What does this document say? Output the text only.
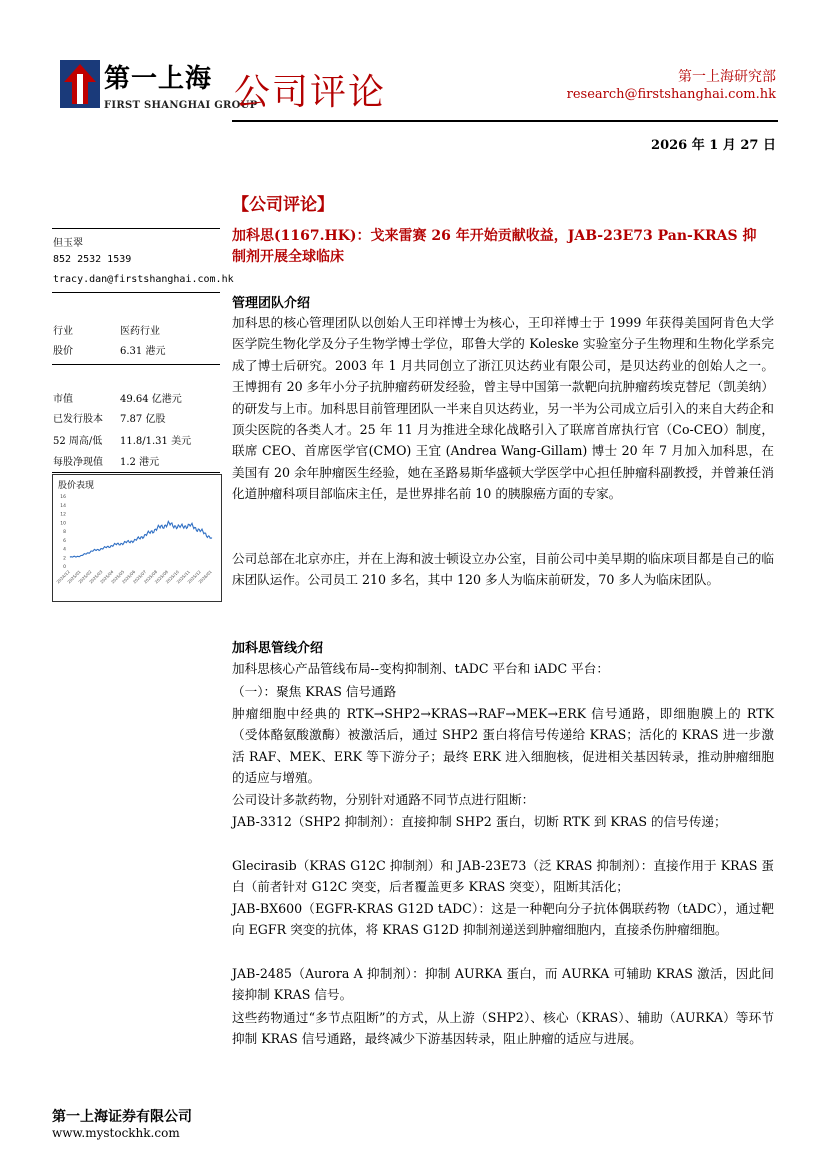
第一上海
FIRST SHANGHAI GROUP
公司评论	第一上海研究部
research@firstshanghai.com.hk
2026 年 1 月 27 日
但玉翠
852 2532 1539
tracy.dan@firstshanghai.com.hk
行业	医药行业
股价	6.31 港元
市值	49.64 亿港元
已发行股本 7.87 亿股
52 周高/低 11.8/1.31 美元
每股净现值 1.2 港元
股价表现
16
14
12
10
8
6
4
2
0
2024/12
2025/01
2025/02
2025/03
2025/04
2025/05
2025/06
2025/07
2025/08
2025/09
2025/10
2025/11
2025/12
2026/01
【公司评论】
加科思(1167.HK)：戈来雷赛 26 年开始贡献收益，JAB-23E73 Pan-KRAS 抑制剂开展全球临床
管理团队介绍
加科思的核心管理团队以创始人王印祥博士为核心，王印祥博士于 1999 年获得美国阿肯色大学医学院生物化学及分子生物学博士学位，耶鲁大学的 Koleske 实验室分子生物理和生物化学系完成了博士后研究。2003 年 1 月共同创立了浙江贝达药业有限公司，是贝达药业的创始人之一。王博拥有 20 多年小分子抗肿瘤药研发经验，曾主导中国第一款靶向抗肿瘤药埃克替尼（凯美纳）的研发与上市。加科思目前管理团队一半来自贝达药业，另一半为公司成立后引入的来自大药企和顶尖医院的各类人才。25 年 11 月为推进全球化战略引入了联席首席执行官（Co-CEO）制度，联席 CEO、首席医学官(CMO) 王宜 (Andrea Wang-Gillam) 博士 20 年 7 月加入加科思，在美国有 20 余年肿瘤医生经验，她在圣路易斯华盛顿大学医学中心担任肿瘤科副教授，并曾兼任消化道肿瘤科项目部临床主任，是世界排名前 10 的胰腺癌方面的专家。
公司总部在北京亦庄，并在上海和波士顿设立办公室，目前公司中美早期的临床项目都是自己的临床团队运作。公司员工 210 多名，其中 120 多人为临床前研发，70 多人为临床团队。
加科思管线介绍
加科思核心产品管线布局--变构抑制剂、tADC 平台和 iADC 平台：
（一）：聚焦 KRAS 信号通路
肿瘤细胞中经典的 RTK→SHP2→KRAS→RAF→MEK→ERK 信号通路，即细胞膜上的 RTK（受体酪氨酸激酶）被激活后，通过 SHP2 蛋白将信号传递给 KRAS；活化的 KRAS 进一步激活 RAF、MEK、ERK 等下游分子；最终 ERK 进入细胞核，促进相关基因转录，推动肿瘤细胞的适应与增殖。
公司设计多款药物，分别针对通路不同节点进行阻断：
JAB-3312（SHP2 抑制剂）：直接抑制 SHP2 蛋白，切断 RTK 到 KRAS 的信号传递；
Glecirasib（KRAS G12C 抑制剂）和 JAB-23E73（泛 KRAS 抑制剂）：直接作用于 KRAS 蛋白（前者针对 G12C 突变，后者覆盖更多 KRAS 突变），阻断其活化；
JAB-BX600（EGFR-KRAS G12D tADC）：这是一种靶向分子抗体偶联药物（tADC），通过靶向 EGFR 突变的抗体，将 KRAS G12D 抑制剂递送到肿瘤细胞内，直接杀伤肿瘤细胞。
JAB-2485（Aurora A 抑制剂）：抑制 AURKA 蛋白，而 AURKA 可辅助 KRAS 激活，因此间接抑制 KRAS 信号。
这些药物通过“多节点阻断”的方式，从上游（SHP2）、核心（KRAS）、辅助（AURKA）等环节抑制 KRAS 信号通路，最终减少下游基因转录，阻止肿瘤的适应与进展。
第一上海证券有限公司
www.mystockhk.com
